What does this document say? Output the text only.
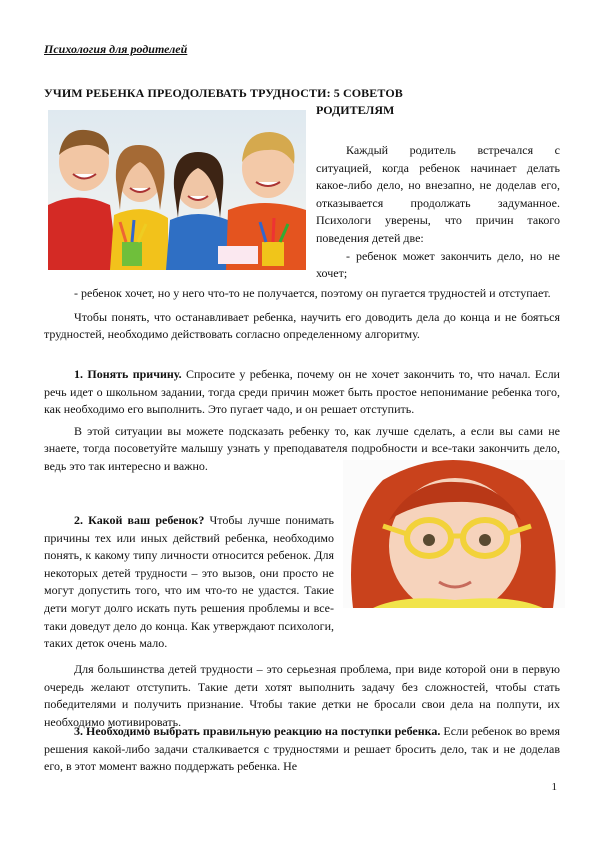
Психология для родителей
УЧИМ РЕБЕНКА ПРЕОДОЛЕВАТЬ ТРУДНОСТИ: 5 СОВЕТОВ
РОДИТЕЛЯМ

Каждый родитель встречался с ситуацией, когда ребенок начинает делать какое-либо дело, но внезапно, не доделав его, отказывается продолжать задуманное. Психологи уверены, что причин такого поведения детей две:

- ребенок может закончить дело, но не хочет;

- ребенок хочет, но у него что-то не получается, поэтому он пугается трудностей и отступает.

Чтобы понять, что останавливает ребенка, научить его доводить дела до конца и не бояться трудностей, необходимо действовать согласно определенному алгоритму.

1. Понять причину. Спросите у ребенка, почему он не хочет закончить то, что начал. Если речь идет о школьном задании, тогда среди причин может быть простое непонимание ребенка того, как необходимо его выполнить. Это пугает чадо, и он решает отступить.

В этой ситуации вы можете подсказать ребенку то, как лучше сделать, а если вы сами не знаете, тогда посоветуйте малышу узнать у преподавателя подробности и все-таки закончить дело, ведь это так интересно и важно.

2. Какой ваш ребенок? Чтобы лучше понимать причины тех или иных действий ребенка, необходимо понять, к какому типу личности относится ребенок. Для некоторых детей трудности – это вызов, они просто не могут допустить того, что им что-то не удастся. Такие дети могут долго искать путь решения проблемы и все-таки доведут дело до конца. Как утверждают психологи, таких деток очень мало.

Для большинства детей трудности – это серьезная проблема, при виде которой они в первую очередь желают отступить. Такие дети хотят выполнить задачу без сложностей, чтобы стать победителями и получить признание. Чтобы такие детки не бросали свои дела на полпути, их необходимо мотивировать.

3. Необходимо выбрать правильную реакцию на поступки ребенка. Если ребенок во время решения какой-либо задачи сталкивается с трудностями и решает бросить дело, так и не доделав его, в этот момент важно поддержать ребенка. Не

1
